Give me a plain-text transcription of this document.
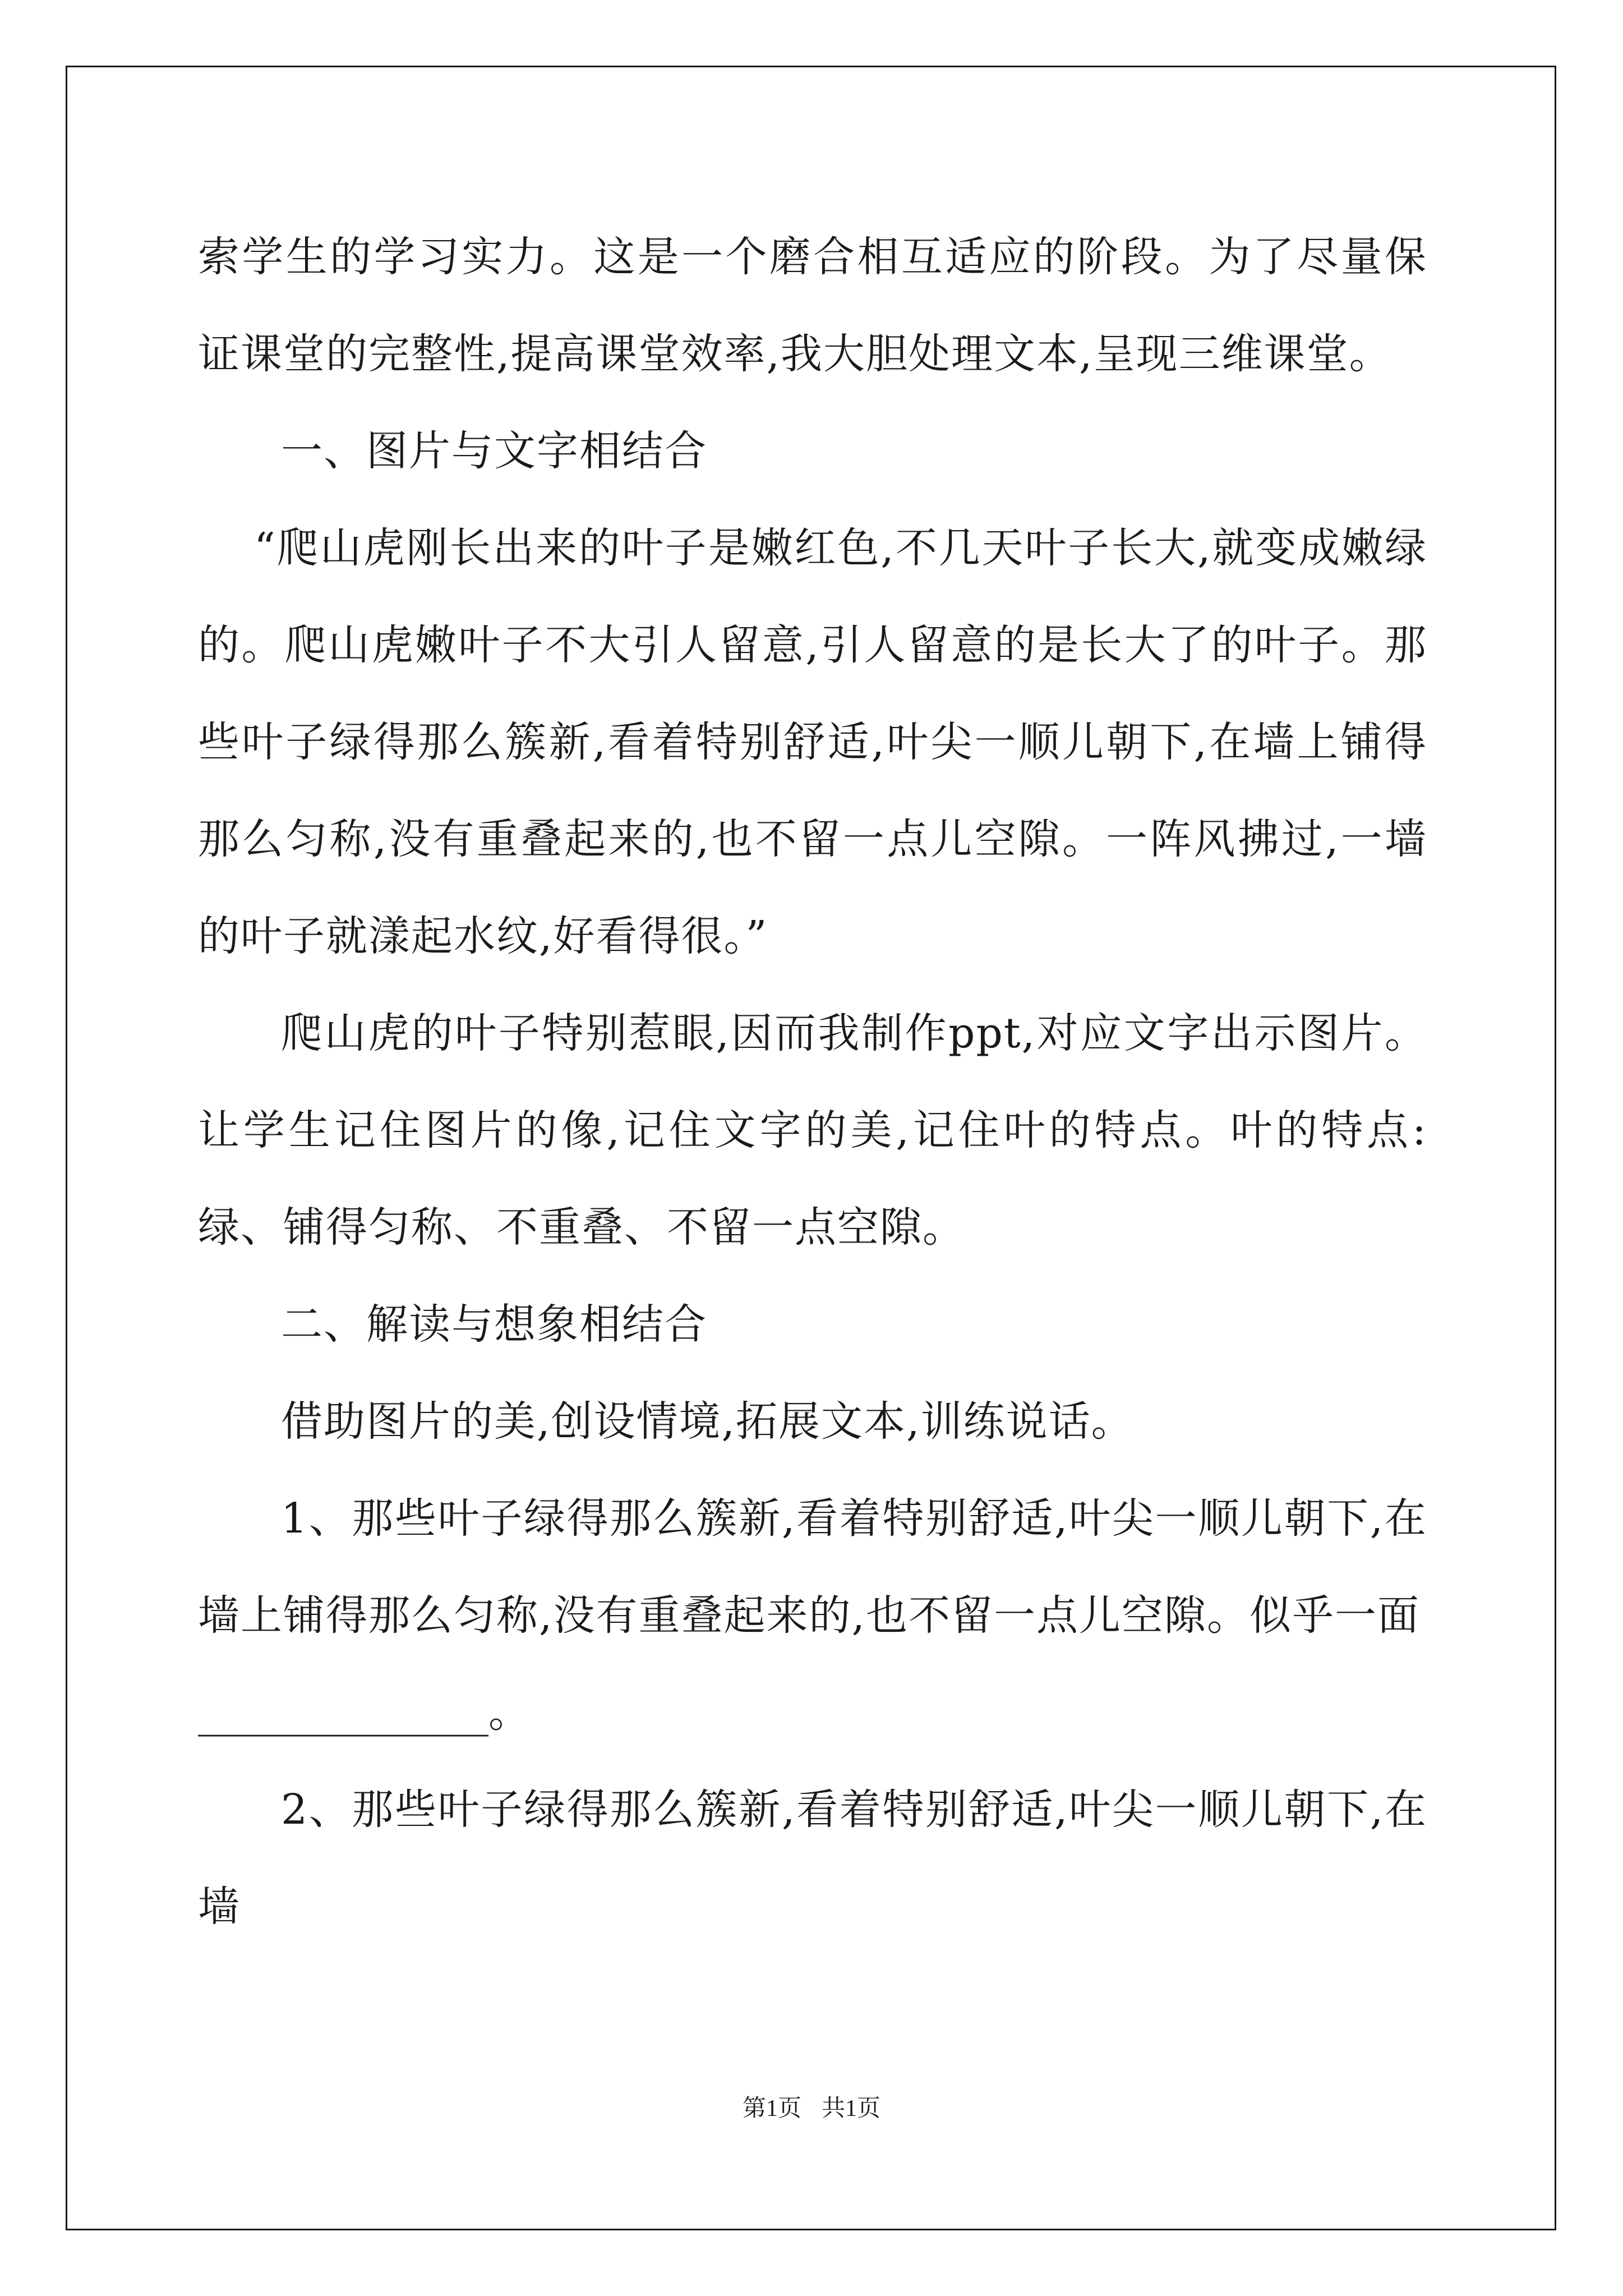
索学生的学习实力。这是一个磨合相互适应的阶段。为了尽量保证课堂的完整性,提高课堂效率,我大胆处理文本,呈现三维课堂。

一、图片与文字相结合

“爬山虎刚长出来的叶子是嫩红色,不几天叶子长大,就变成嫩绿的。爬山虎嫩叶子不大引人留意,引人留意的是长大了的叶子。那些叶子绿得那么簇新,看着特别舒适,叶尖一顺儿朝下,在墙上铺得那么匀称,没有重叠起来的,也不留一点儿空隙。一阵风拂过,一墙的叶子就漾起水纹,好看得很。”

爬山虎的叶子特别惹眼,因而我制作ppt,对应文字出示图片。让学生记住图片的像,记住文字的美,记住叶的特点。叶的特点:绿、铺得匀称、不重叠、不留一点空隙。

二、解读与想象相结合

借助图片的美,创设情境,拓展文本,训练说话。

1、那些叶子绿得那么簇新,看着特别舒适,叶尖一顺儿朝下,在墙上铺得那么匀称,没有重叠起来的,也不留一点儿空隙。似乎一面

______________。

2、那些叶子绿得那么簇新,看着特别舒适,叶尖一顺儿朝下,在墙

第1页 共1页
